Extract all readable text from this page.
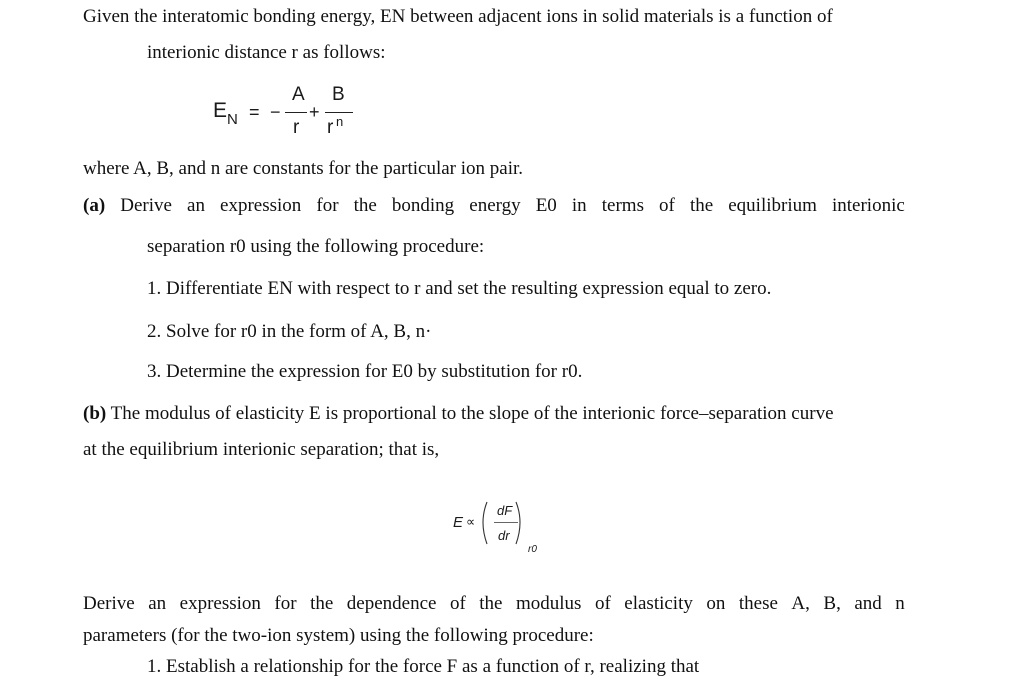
Given the interatomic bonding energy, EN between adjacent ions in solid materials is a function of
interionic distance r as follows:
E N = −
A
r
+
B
r n
where A, B, and n are constants for the particular ion pair.
(a) Derive an expression for the bonding energy E0 in terms of the equilibrium interionic
separation r0 using the following procedure:
1. Differentiate EN with respect to r and set the resulting expression equal to zero.
2. Solve for r0 in the form of A, B, n·
3. Determine the expression for E0 by substitution for r0.
(b) The modulus of elasticity E is proportional to the slope of the interionic force–separation curve
at the equilibrium interionic separation; that is,
E ∝
dF
dr
r0
Derive an expression for the dependence of the modulus of elasticity on these A, B, and n
parameters (for the two-ion system) using the following procedure:
1. Establish a relationship for the force F as a function of r, realizing that
